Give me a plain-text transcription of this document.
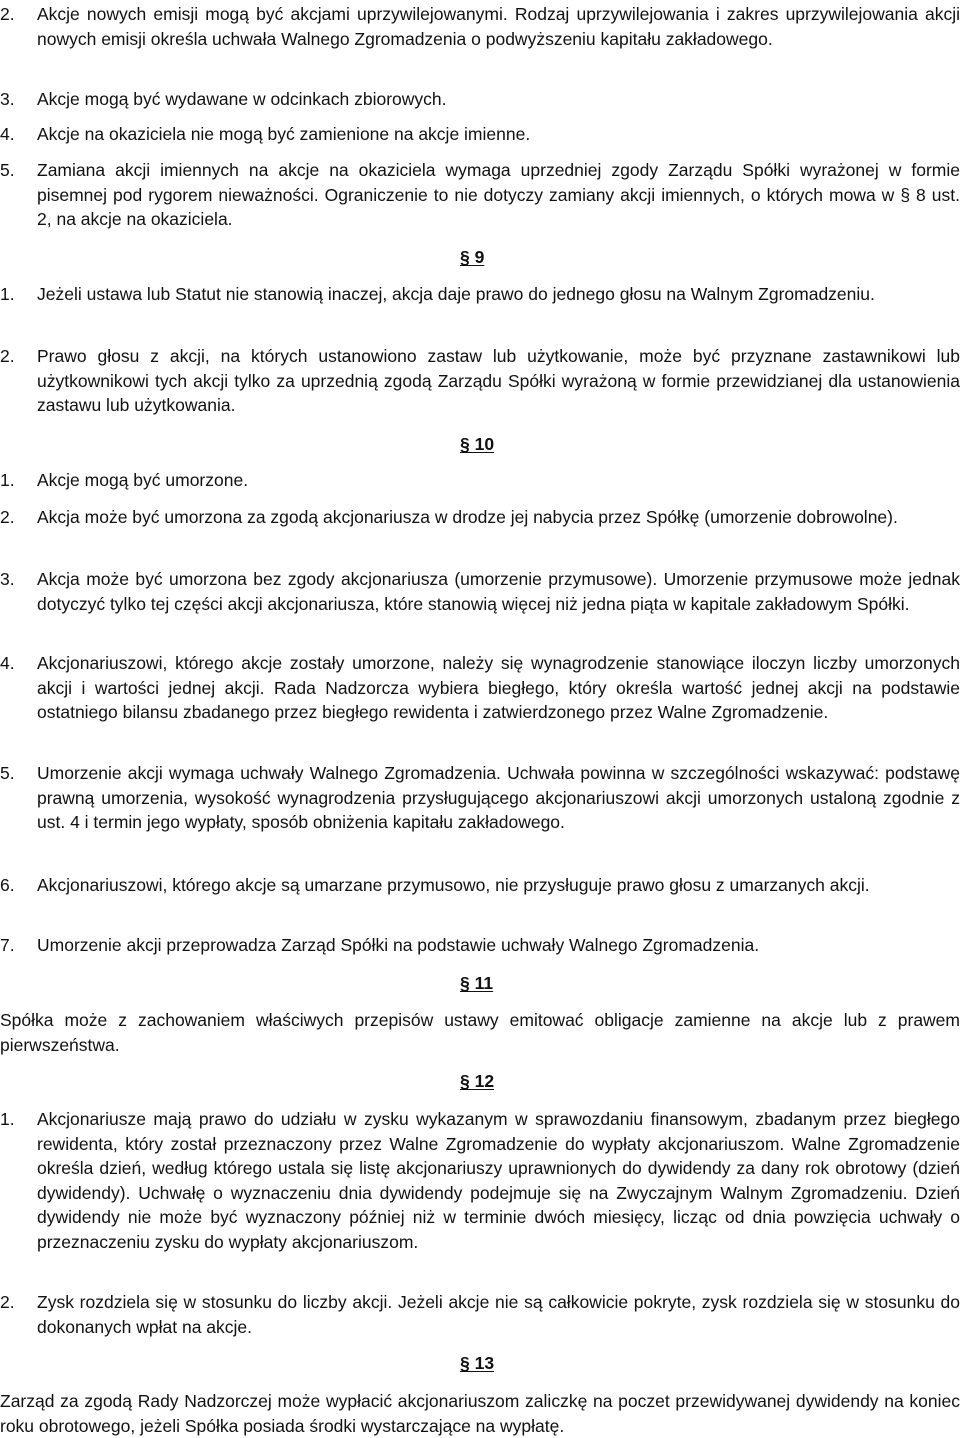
2. Akcje nowych emisji mogą być akcjami uprzywilejowanymi. Rodzaj uprzywilejowania i zakres uprzywilejowania akcji nowych emisji określa uchwała Walnego Zgromadzenia o podwyższeniu kapitału zakładowego.
3. Akcje mogą być wydawane w odcinkach zbiorowych.
4. Akcje na okaziciela nie mogą być zamienione na akcje imienne.
5. Zamiana akcji imiennych na akcje na okaziciela wymaga uprzedniej zgody Zarządu Spółki wyrażonej w formie pisemnej pod rygorem nieważności. Ograniczenie to nie dotyczy zamiany akcji imiennych, o których mowa w § 8 ust. 2, na akcje na okaziciela.
§ 9
1. Jeżeli ustawa lub Statut nie stanowią inaczej, akcja daje prawo do jednego głosu na Walnym Zgromadzeniu.
2. Prawo głosu z akcji, na których ustanowiono zastaw lub użytkowanie, może być przyznane zastawnikowi lub użytkownikowi tych akcji tylko za uprzednią zgodą Zarządu Spółki wyrażoną w formie przewidzianej dla ustanowienia zastawu lub użytkowania.
§ 10
1. Akcje mogą być umorzone.
2. Akcja może być umorzona za zgodą akcjonariusza w drodze jej nabycia przez Spółkę (umorzenie dobrowolne).
3. Akcja może być umorzona bez zgody akcjonariusza (umorzenie przymusowe). Umorzenie przymusowe może jednak dotyczyć tylko tej części akcji akcjonariusza, które stanowią więcej niż jedna piąta w kapitale zakładowym Spółki.
4. Akcjonariuszowi, którego akcje zostały umorzone, należy się wynagrodzenie stanowiące iloczyn liczby umorzonych akcji i wartości jednej akcji. Rada Nadzorcza wybiera biegłego, który określa wartość jednej akcji na podstawie ostatniego bilansu zbadanego przez biegłego rewidenta i zatwierdzonego przez Walne Zgromadzenie.
5. Umorzenie akcji wymaga uchwały Walnego Zgromadzenia. Uchwała powinna w szczególności wskazywać: podstawę prawną umorzenia, wysokość wynagrodzenia przysługującego akcjonariuszowi akcji umorzonych ustaloną zgodnie z ust. 4 i termin jego wypłaty, sposób obniżenia kapitału zakładowego.
6. Akcjonariuszowi, którego akcje są umarzane przymusowo, nie przysługuje prawo głosu z umarzanych akcji.
7. Umorzenie akcji przeprowadza Zarząd Spółki na podstawie uchwały Walnego Zgromadzenia.
§ 11
Spółka może z zachowaniem właściwych przepisów ustawy emitować obligacje zamienne na akcje lub z prawem pierwszeństwa.
§ 12
1. Akcjonariusze mają prawo do udziału w zysku wykazanym w sprawozdaniu finansowym, zbadanym przez biegłego rewidenta, który został przeznaczony przez Walne Zgromadzenie do wypłaty akcjonariuszom. Walne Zgromadzenie określa dzień, według którego ustala się listę akcjonariuszy uprawnionych do dywidendy za dany rok obrotowy (dzień dywidendy). Uchwałę o wyznaczeniu dnia dywidendy podejmuje się na Zwyczajnym Walnym Zgromadzeniu. Dzień dywidendy nie może być wyznaczony później niż w terminie dwóch miesięcy, licząc od dnia powzięcia uchwały o przeznaczeniu zysku do wypłaty akcjonariuszom.
2. Zysk rozdziela się w stosunku do liczby akcji. Jeżeli akcje nie są całkowicie pokryte, zysk rozdziela się w stosunku do dokonanych wpłat na akcje.
§ 13
Zarząd za zgodą Rady Nadzorczej może wypłacić akcjonariuszom zaliczkę na poczet przewidywanej dywidendy na koniec roku obrotowego, jeżeli Spółka posiada środki wystarczające na wypłatę.
